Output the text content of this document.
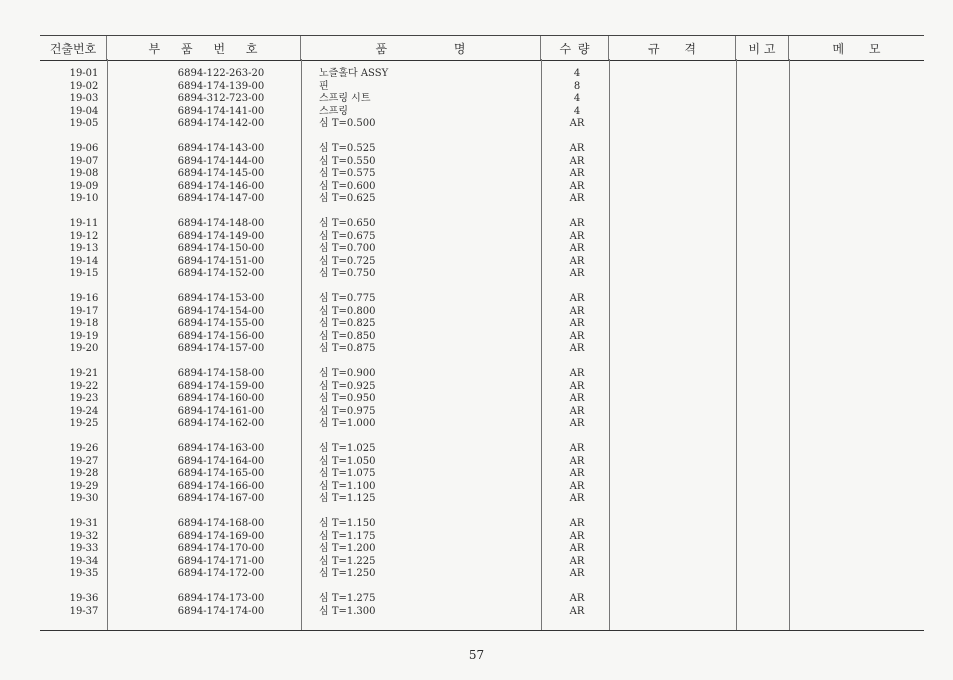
건출번호	부 품 번 호	품	명	수 량	규 격	비 고	메 모
19-01	6894-122-263-20	노즐홀다 ASSY	4
19-02	6894-174-139-00	핀	8
19-03	6894-312-723-00	스프링 시트	4
19-04	6894-174-141-00	스프링	4
19-05	6894-174-142-00	심 T=0.500	AR
19-06	6894-174-143-00	심 T=0.525	AR
19-07	6894-174-144-00	심 T=0.550	AR
19-08	6894-174-145-00	심 T=0.575	AR
19-09	6894-174-146-00	심 T=0.600	AR
19-10	6894-174-147-00	심 T=0.625	AR
19-11	6894-174-148-00	심 T=0.650	AR
19-12	6894-174-149-00	심 T=0.675	AR
19-13	6894-174-150-00	심 T=0.700	AR
19-14	6894-174-151-00	심 T=0.725	AR
19-15	6894-174-152-00	심 T=0.750	AR
19-16	6894-174-153-00	심 T=0.775	AR
19-17	6894-174-154-00	심 T=0.800	AR
19-18	6894-174-155-00	심 T=0.825	AR
19-19	6894-174-156-00	심 T=0.850	AR
19-20	6894-174-157-00	심 T=0.875	AR
19-21	6894-174-158-00	심 T=0.900	AR
19-22	6894-174-159-00	심 T=0.925	AR
19-23	6894-174-160-00	심 T=0.950	AR
19-24	6894-174-161-00	심 T=0.975	AR
19-25	6894-174-162-00	심 T=1.000	AR
19-26	6894-174-163-00	심 T=1.025	AR
19-27	6894-174-164-00	심 T=1.050	AR
19-28	6894-174-165-00	심 T=1.075	AR
19-29	6894-174-166-00	심 T=1.100	AR
19-30	6894-174-167-00	심 T=1.125	AR
19-31	6894-174-168-00	심 T=1.150	AR
19-32	6894-174-169-00	심 T=1.175	AR
19-33	6894-174-170-00	심 T=1.200	AR
19-34	6894-174-171-00	심 T=1.225	AR
19-35	6894-174-172-00	심 T=1.250	AR
19-36	6894-174-173-00	심 T=1.275	AR
19-37	6894-174-174-00	심 T=1.300	AR
57
